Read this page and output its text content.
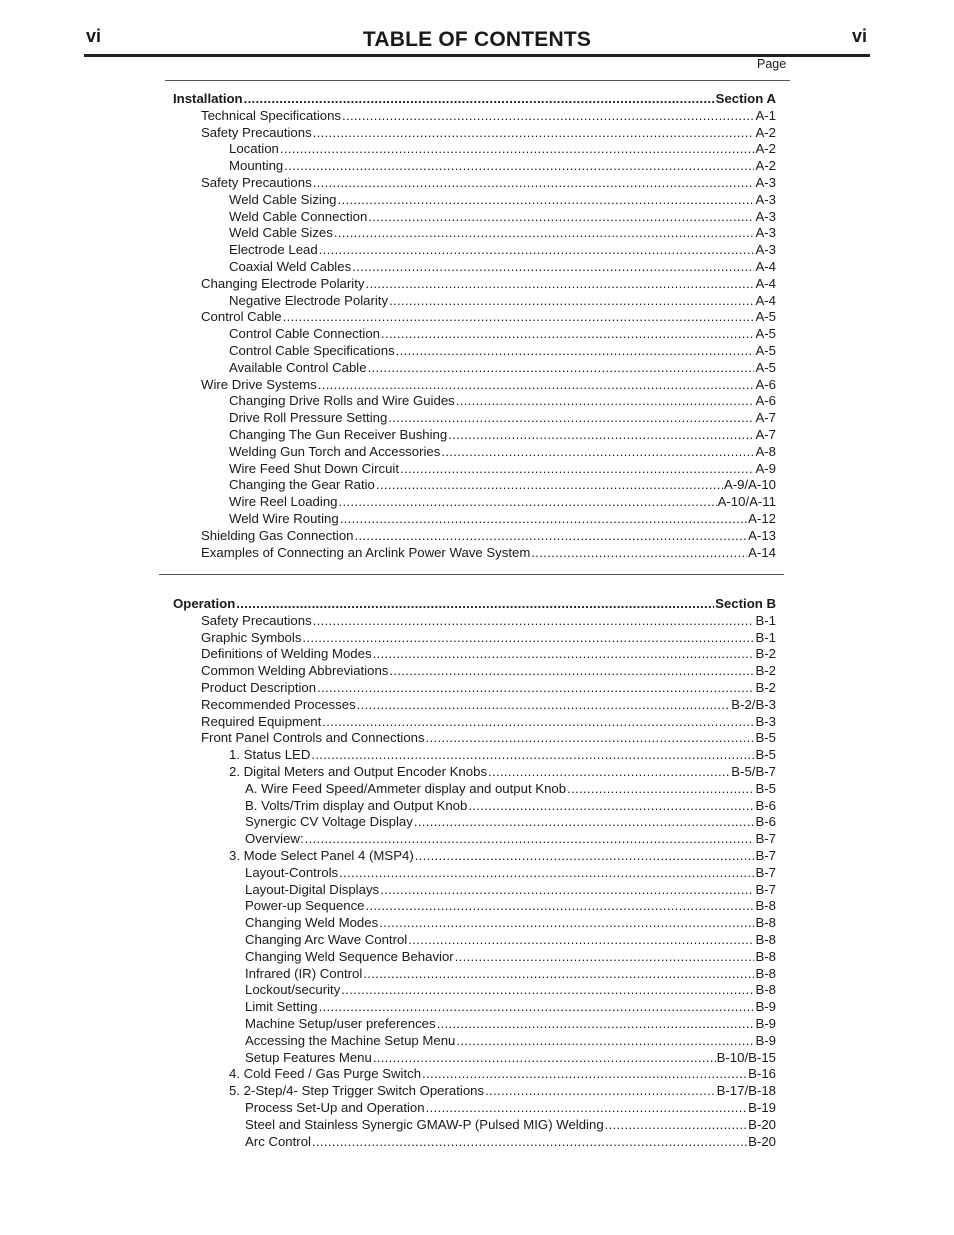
vi	TABLE OF CONTENTS	vi
Page
Installation .....	Section A
Technical Specifications .....	A-1
Safety Precautions .....	A-2
Location .....	A-2
Mounting .....	A-2
Safety Precautions .....	A-3
Weld Cable Sizing .....	A-3
Weld Cable Connection .....	A-3
Weld Cable Sizes .....	A-3
Electrode Lead .....	A-3
Coaxial Weld Cables .....	A-4
Changing Electrode Polarity .....	A-4
Negative Electrode Polarity .....	A-4
Control Cable .....	A-5
Control Cable Connection .....	A-5
Control Cable Specifications .....	A-5
Available Control Cable .....	A-5
Wire Drive Systems .....	A-6
Changing Drive Rolls and Wire Guides .....	A-6
Drive Roll Pressure Setting .....	A-7
Changing The Gun Receiver Bushing .....	A-7
Welding Gun Torch and Accessories .....	A-8
Wire Feed Shut Down Circuit .....	A-9
Changing the Gear Ratio .....	A-9/A-10
Wire Reel Loading .....	A-10/A-11
Weld Wire Routing .....	A-12
Shielding Gas Connection .....	A-13
Examples of Connecting an Arclink Power Wave System .....	A-14
Operation .....	Section B
Safety Precautions .....	B-1
Graphic Symbols .....	B-1
Definitions of Welding Modes .....	B-2
Common Welding Abbreviations .....	B-2
Product Description .....	B-2
Recommended Processes .....	B-2/B-3
Required Equipment .....	B-3
Front Panel Controls and Connections .....	B-5
1. Status LED .....	B-5
2. Digital Meters and Output Encoder Knobs .....	B-5/B-7
A. Wire Feed Speed/Ammeter display and output Knob .....	B-5
B. Volts/Trim display and Output Knob .....	B-6
Synergic CV Voltage Display .....	B-6
Overview: .....	B-7
3. Mode Select Panel 4 (MSP4) .....	B-7
Layout-Controls .....	B-7
Layout-Digital Displays .....	B-7
Power-up Sequence .....	B-8
Changing Weld Modes .....	B-8
Changing Arc Wave Control .....	B-8
Changing Weld Sequence Behavior .....	B-8
Infrared (IR) Control .....	B-8
Lockout/security .....	B-8
Limit Setting .....	B-9
Machine Setup/user preferences .....	B-9
Accessing the Machine Setup Menu .....	B-9
Setup Features Menu .....	B-10/B-15
4. Cold Feed / Gas Purge Switch .....	B-16
5. 2-Step/4- Step Trigger Switch Operations .....	B-17/B-18
Process Set-Up and Operation .....	B-19
Steel and Stainless Synergic GMAW-P (Pulsed MIG) Welding .....	B-20
Arc Control .....	B-20
